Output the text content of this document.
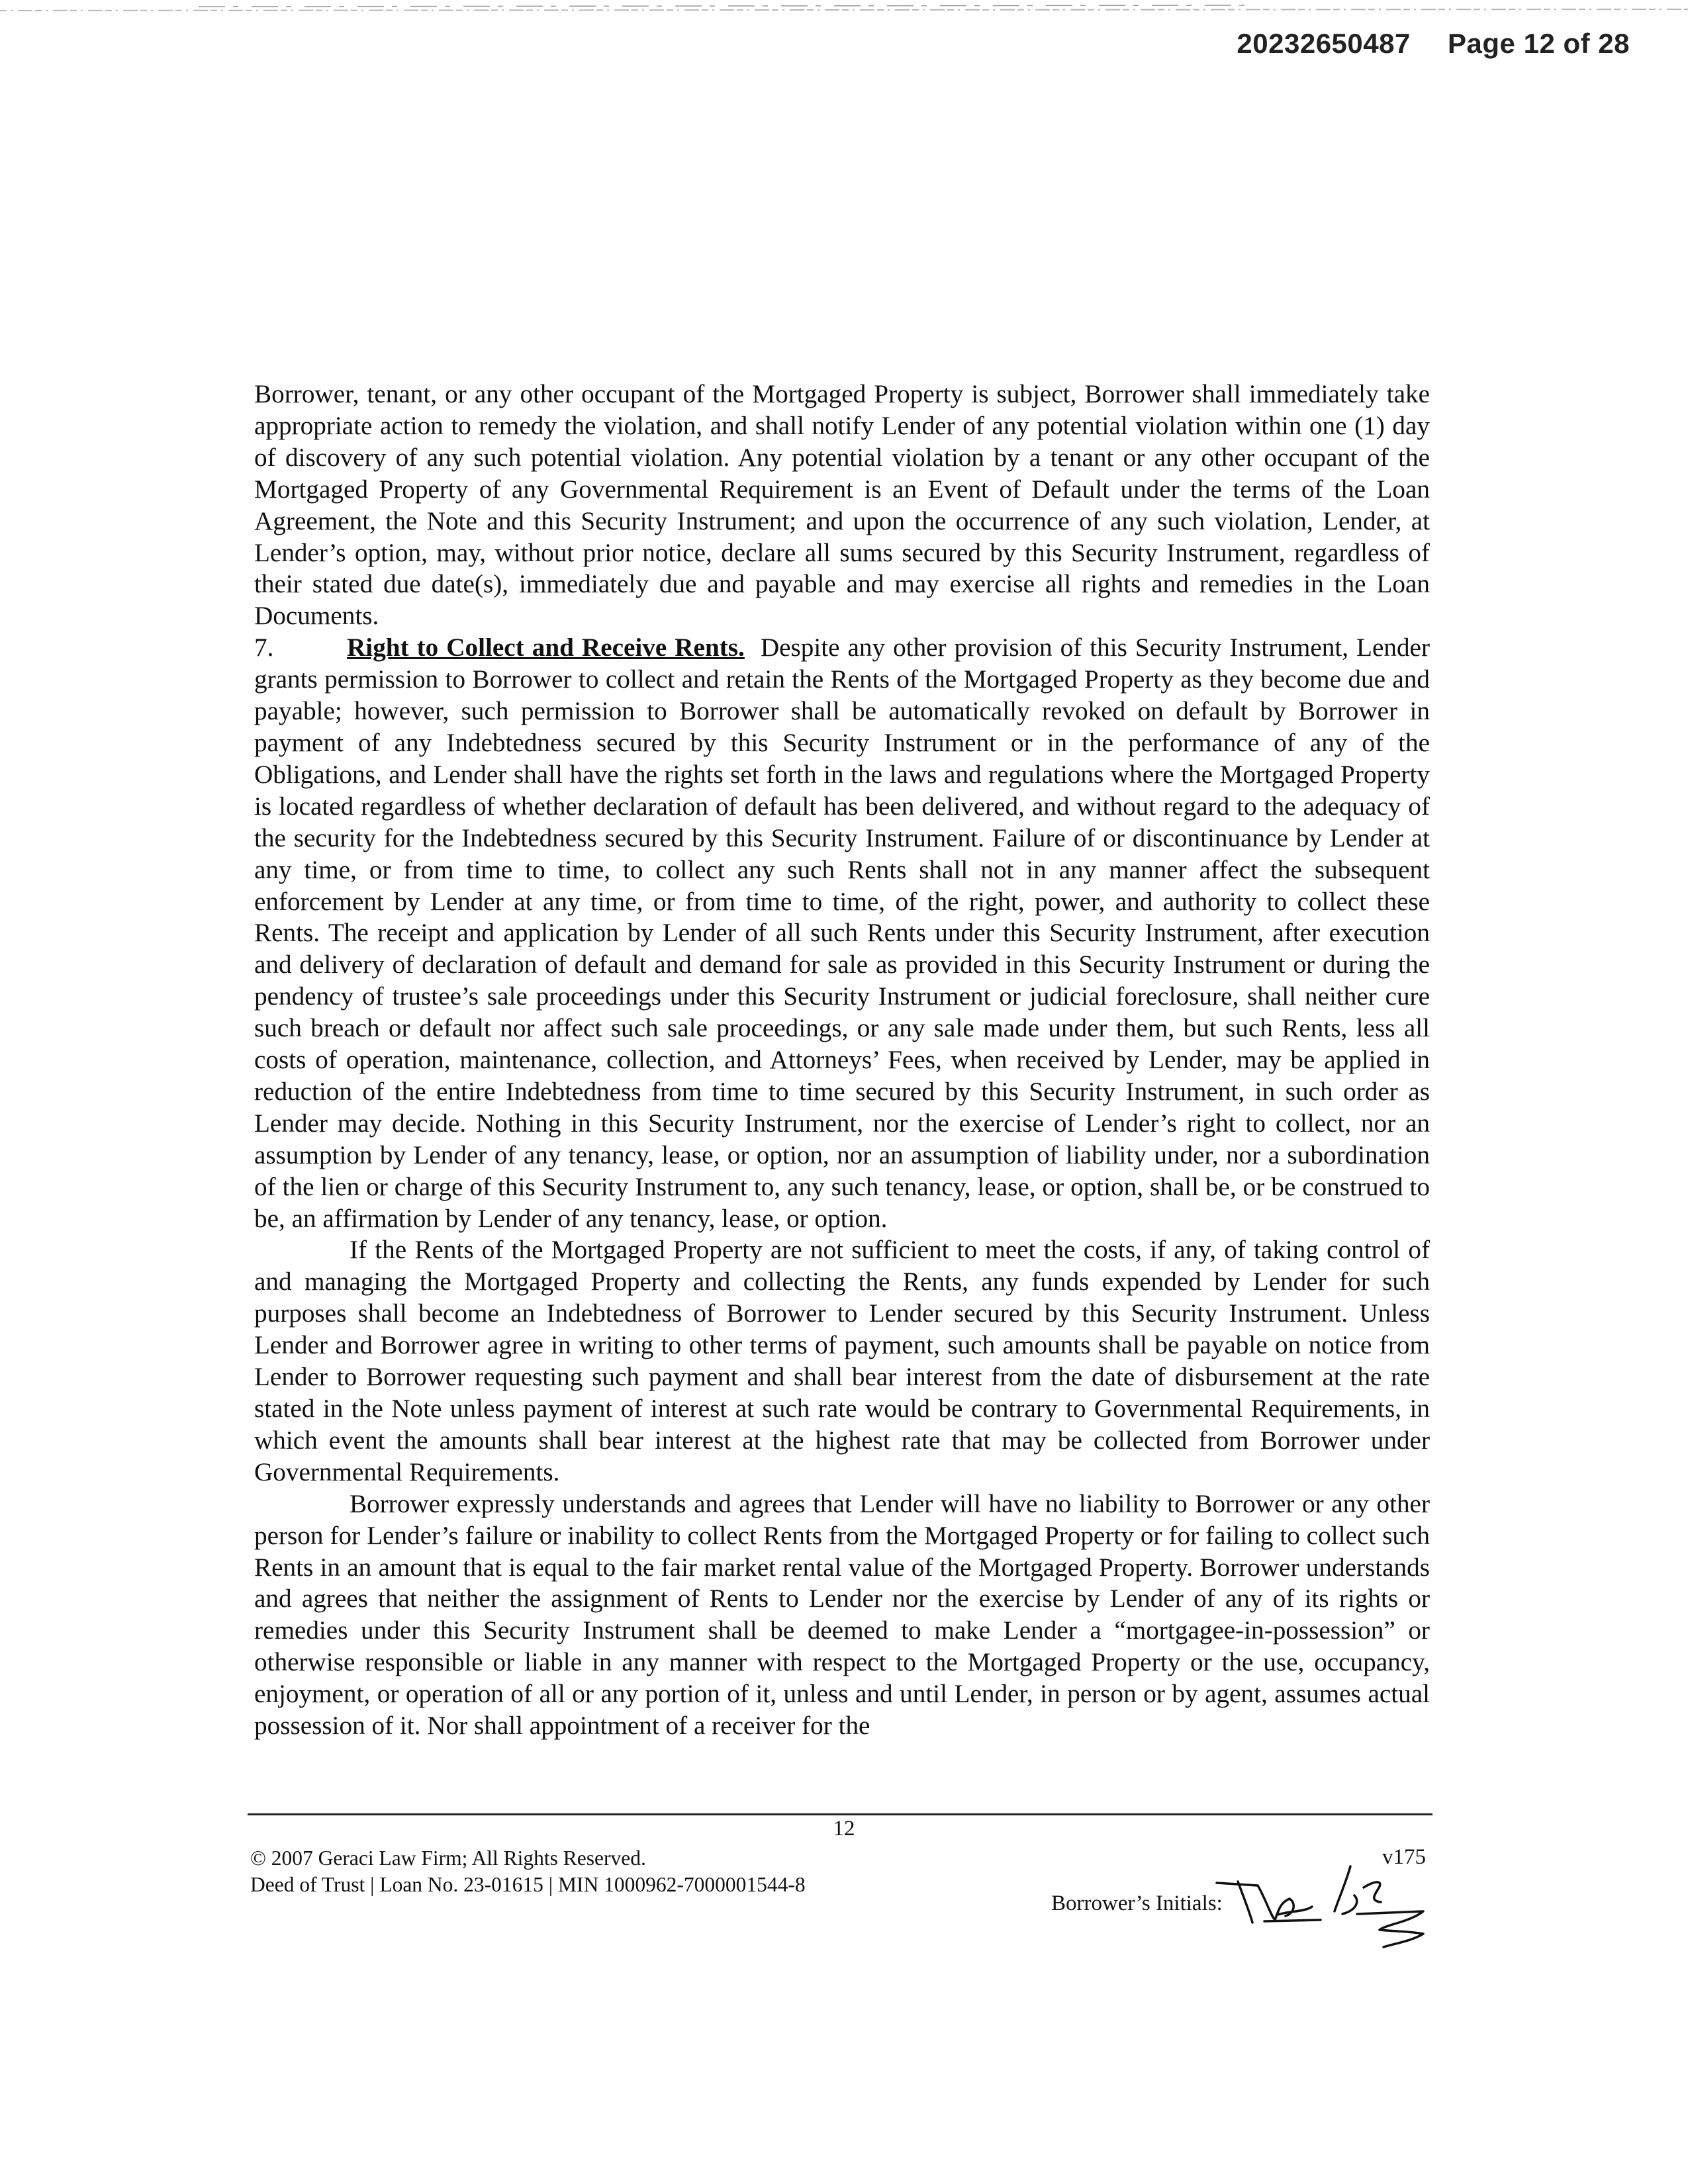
20232650487 Page 12 of 28

Borrower, tenant, or any other occupant of the Mortgaged Property is subject, Borrower shall immediately take appropriate action to remedy the violation, and shall notify Lender of any potential violation within one (1) day of discovery of any such potential violation. Any potential violation by a tenant or any other occupant of the Mortgaged Property of any Governmental Requirement is an Event of Default under the terms of the Loan Agreement, the Note and this Security Instrument; and upon the occurrence of any such violation, Lender, at Lender’s option, may, without prior notice, declare all sums secured by this Security Instrument, regardless of their stated due date(s), immediately due and payable and may exercise all rights and remedies in the Loan Documents.

7.	Right to Collect and Receive Rents. Despite any other provision of this Security Instrument, Lender grants permission to Borrower to collect and retain the Rents of the Mortgaged Property as they become due and payable; however, such permission to Borrower shall be automatically revoked on default by Borrower in payment of any Indebtedness secured by this Security Instrument or in the performance of any of the Obligations, and Lender shall have the rights set forth in the laws and regulations where the Mortgaged Property is located regardless of whether declaration of default has been delivered, and without regard to the adequacy of the security for the Indebtedness secured by this Security Instrument. Failure of or discontinuance by Lender at any time, or from time to time, to collect any such Rents shall not in any manner affect the subsequent enforcement by Lender at any time, or from time to time, of the right, power, and authority to collect these Rents. The receipt and application by Lender of all such Rents under this Security Instrument, after execution and delivery of declaration of default and demand for sale as provided in this Security Instrument or during the pendency of trustee’s sale proceedings under this Security Instrument or judicial foreclosure, shall neither cure such breach or default nor affect such sale proceedings, or any sale made under them, but such Rents, less all costs of operation, maintenance, collection, and Attorneys’ Fees, when received by Lender, may be applied in reduction of the entire Indebtedness from time to time secured by this Security Instrument, in such order as Lender may decide. Nothing in this Security Instrument, nor the exercise of Lender’s right to collect, nor an assumption by Lender of any tenancy, lease, or option, nor an assumption of liability under, nor a subordination of the lien or charge of this Security Instrument to, any such tenancy, lease, or option, shall be, or be construed to be, an affirmation by Lender of any tenancy, lease, or option.

If the Rents of the Mortgaged Property are not sufficient to meet the costs, if any, of taking control of and managing the Mortgaged Property and collecting the Rents, any funds expended by Lender for such purposes shall become an Indebtedness of Borrower to Lender secured by this Security Instrument. Unless Lender and Borrower agree in writing to other terms of payment, such amounts shall be payable on notice from Lender to Borrower requesting such payment and shall bear interest from the date of disbursement at the rate stated in the Note unless payment of interest at such rate would be contrary to Governmental Requirements, in which event the amounts shall bear interest at the highest rate that may be collected from Borrower under Governmental Requirements.

Borrower expressly understands and agrees that Lender will have no liability to Borrower or any other person for Lender’s failure or inability to collect Rents from the Mortgaged Property or for failing to collect such Rents in an amount that is equal to the fair market rental value of the Mortgaged Property. Borrower understands and agrees that neither the assignment of Rents to Lender nor the exercise by Lender of any of its rights or remedies under this Security Instrument shall be deemed to make Lender a “mortgagee-in-possession” or otherwise responsible or liable in any manner with respect to the Mortgaged Property or the use, occupancy, enjoyment, or operation of all or any portion of it, unless and until Lender, in person or by agent, assumes actual possession of it. Nor shall appointment of a receiver for the

12
© 2007 Geraci Law Firm; All Rights Reserved.
Deed of Trust | Loan No. 23-01615 | MIN 1000962-7000001544-8
v175
Borrower’s Initials:
